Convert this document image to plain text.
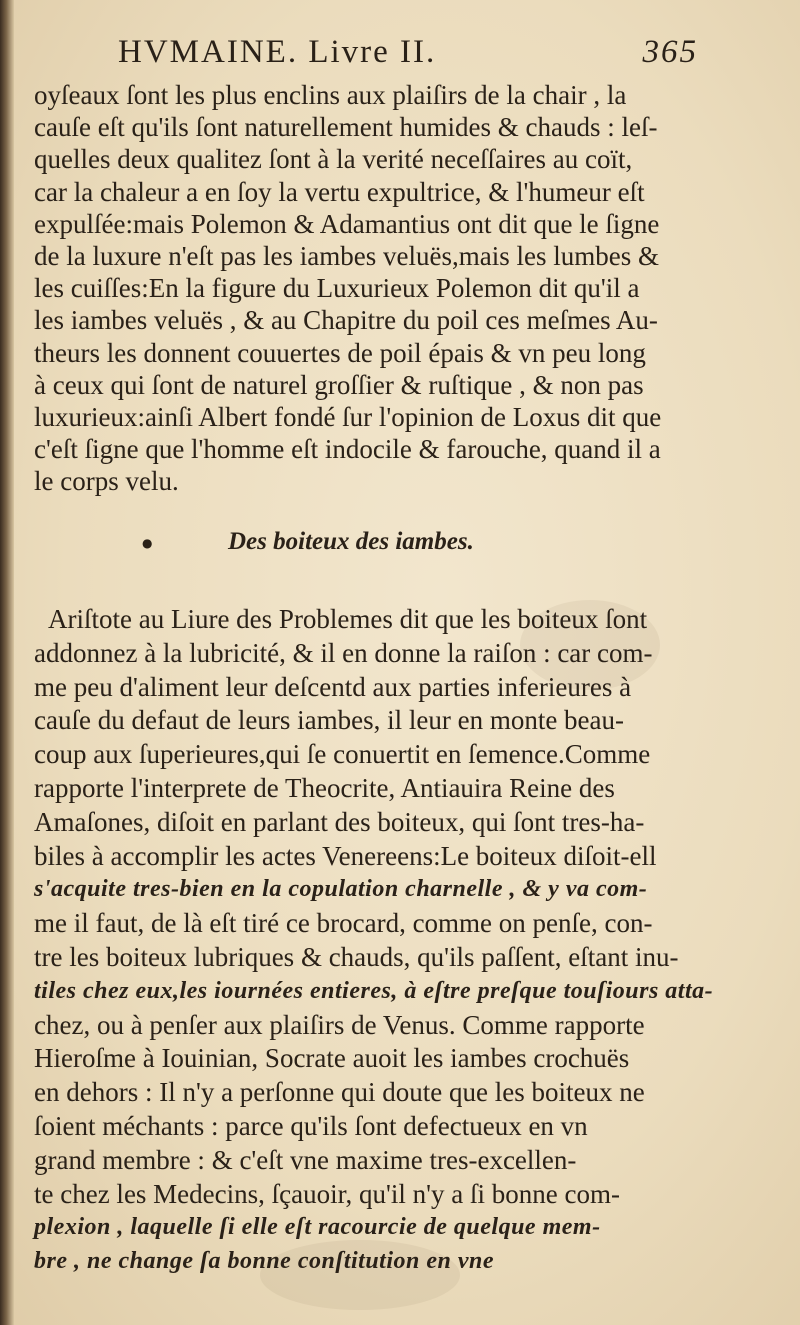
HVMAINE. Livre II.	365
oyſeaux ſont les plus enclins aux plaiſirs de la chair , la
cauſe eſt qu'ils ſont naturellement humides & chauds : leſ-
quelles deux qualitez ſont à la verité neceſſaires au coït,
car la chaleur a en ſoy la vertu expultrice, & l'humeur eſt
expulſée:mais Polemon & Adamantius ont dit que le ſigne
de la luxure n'eſt pas les iambes veluës,mais les lumbes &
les cuiſſes:En la figure du Luxurieux Polemon dit qu'il a
les iambes veluës , & au Chapitre du poil ces meſmes Au-
theurs les donnent couuertes de poil épais & vn peu long
à ceux qui ſont de naturel groſſier & ruſtique , & non pas
luxurieux:ainſi Albert fondé ſur l'opinion de Loxus dit que
c'eſt ſigne que l'homme eſt indocile & farouche, quand il a
le corps velu.
●	Des boiteux des iambes.
Ariſtote au Liure des Problemes dit que les boiteux ſont
addonnez à la lubricité, & il en donne la raiſon : car com-
me peu d'aliment leur deſcentd aux parties inferieures à
cauſe du defaut de leurs iambes, il leur en monte beau-
coup aux ſuperieures,qui ſe conuertit en ſemence.Comme
rapporte l'interprete de Theocrite, Antiauira Reine des
Amaſones, diſoit en parlant des boiteux, qui ſont tres-ha-
biles à accomplir les actes Venereens:Le boiteux diſoit-ell
s'acquite tres-bien en la copulation charnelle , & y va com-
me il faut, de là eſt tiré ce brocard, comme on penſe, con-
tre les boiteux lubriques & chauds, qu'ils paſſent, eſtant inu-
tiles chez eux,les iournées entieres, à eſtre preſque touſiours atta-
chez, ou à penſer aux plaiſirs de Venus. Comme rapporte
Hieroſme à Iouinian, Socrate auoit les iambes crochuës
en dehors : Il n'y a perſonne qui doute que les boiteux ne
ſoient méchants : parce qu'ils ſont defectueux en vn
grand membre : & c'eſt vne maxime tres-excellen-
te chez les Medecins, ſçauoir, qu'il n'y a ſi bonne com-
plexion , laquelle ſi elle eſt racourcie de quelque mem-
bre , ne change ſa bonne conſtitution en vne
